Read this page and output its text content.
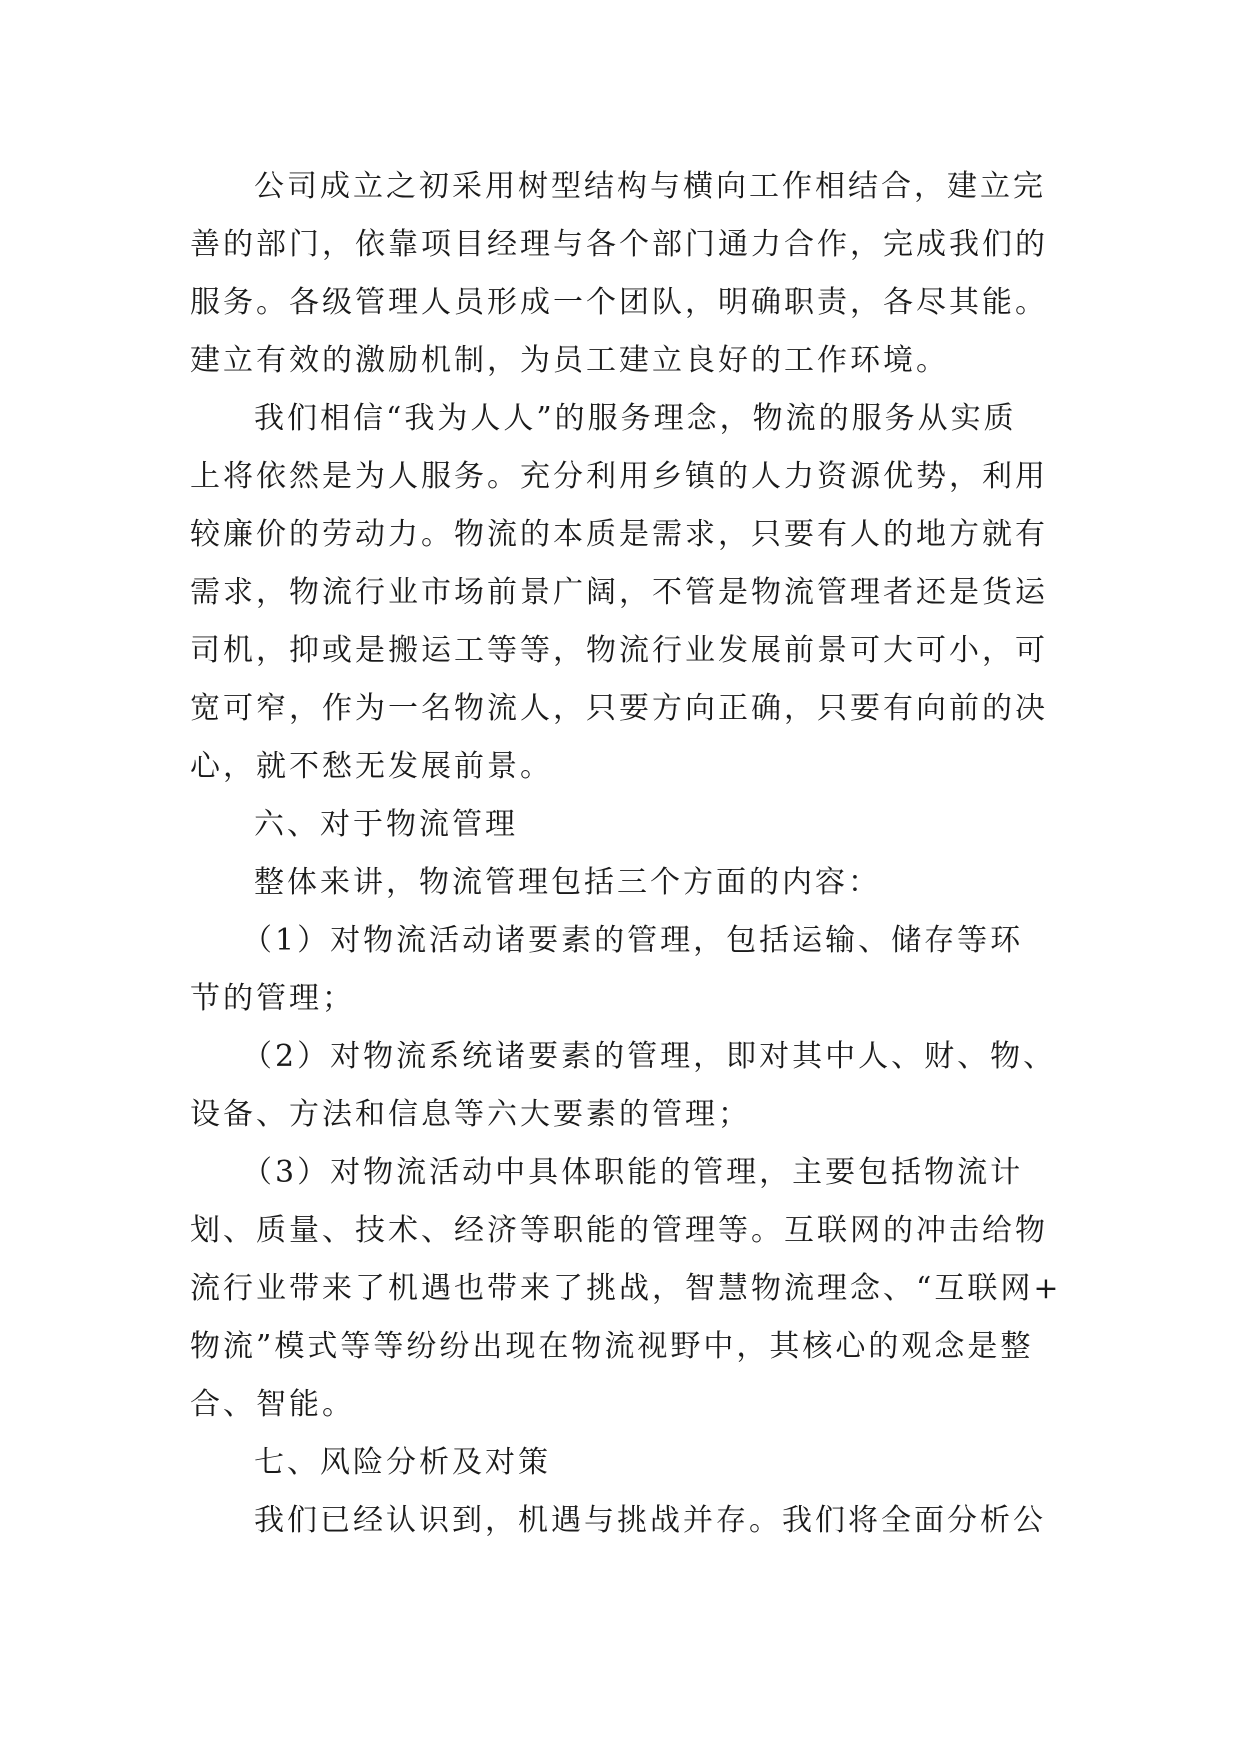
公司成立之初采用树型结构与横向工作相结合，建立完
善的部门，依靠项目经理与各个部门通力合作，完成我们的
服务。各级管理人员形成一个团队，明确职责，各尽其能。
建立有效的激励机制，为员工建立良好的工作环境。
我们相信“我为人人”的服务理念，物流的服务从实质
上将依然是为人服务。充分利用乡镇的人力资源优势，利用
较廉价的劳动力。物流的本质是需求，只要有人的地方就有
需求，物流行业市场前景广阔，不管是物流管理者还是货运
司机，抑或是搬运工等等，物流行业发展前景可大可小，可
宽可窄，作为一名物流人，只要方向正确，只要有向前的决
心，就不愁无发展前景。
六、对于物流管理
整体来讲，物流管理包括三个方面的内容：
（1）对物流活动诸要素的管理，包括运输、储存等环
节的管理；
（2）对物流系统诸要素的管理，即对其中人、财、物、
设备、方法和信息等六大要素的管理；
（3）对物流活动中具体职能的管理，主要包括物流计
划、质量、技术、经济等职能的管理等。互联网的冲击给物
流行业带来了机遇也带来了挑战，智慧物流理念、“互联网+
物流”模式等等纷纷出现在物流视野中，其核心的观念是整
合、智能。
七、风险分析及对策
我们已经认识到，机遇与挑战并存。我们将全面分析公
